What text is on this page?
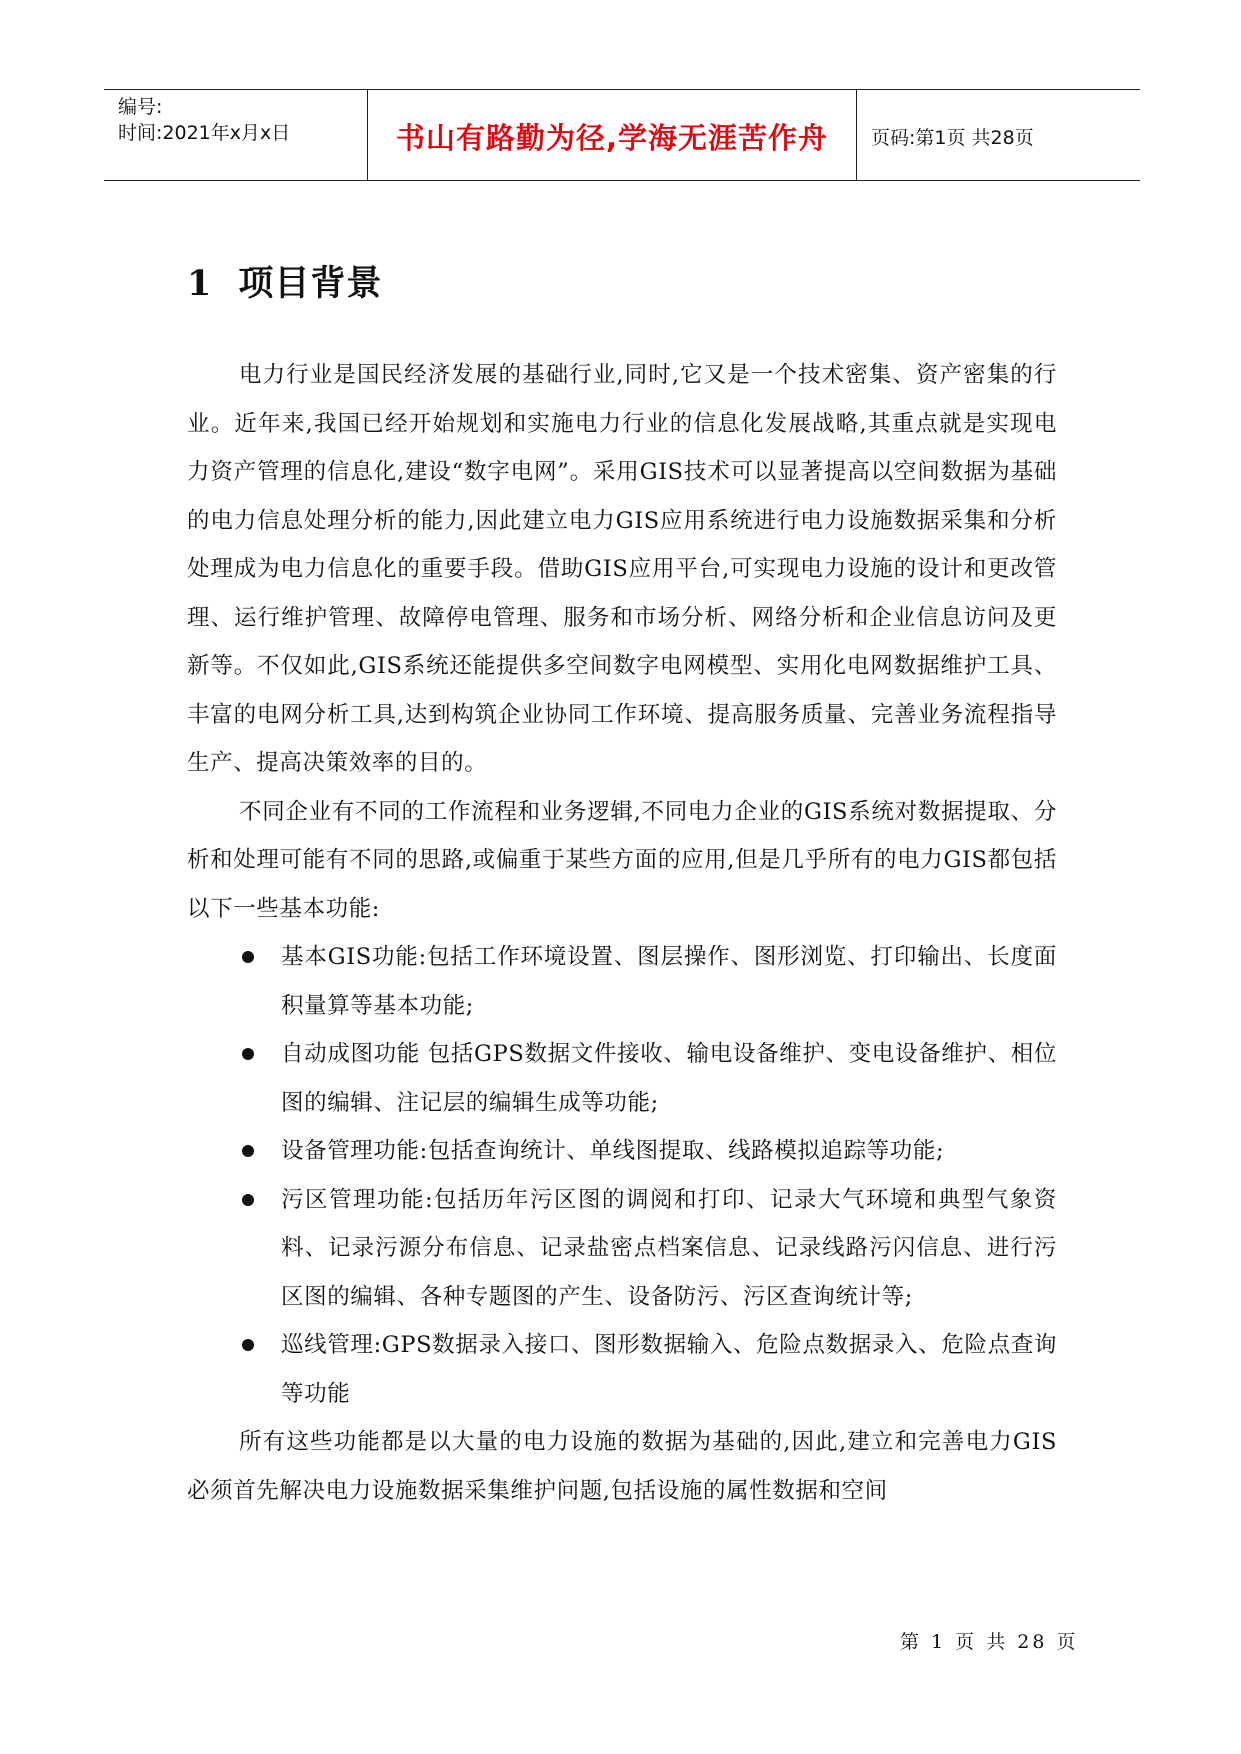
编号:
时间:2021年x月x日	书山有路勤为径,学海无涯苦作舟	页码:第1页 共28页
1 项目背景

电力行业是国民经济发展的基础行业,同时,它又是一个技术密集、资产密集的行业。近年来,我国已经开始规划和实施电力行业的信息化发展战略,其重点就是实现电力资产管理的信息化,建设“数字电网”。采用GIS技术可以显著提高以空间数据为基础的电力信息处理分析的能力,因此建立电力GIS应用系统进行电力设施数据采集和分析处理成为电力信息化的重要手段。借助GIS应用平台,可实现电力设施的设计和更改管理、运行维护管理、故障停电管理、服务和市场分析、网络分析和企业信息访问及更新等。不仅如此,GIS系统还能提供多空间数字电网模型、实用化电网数据维护工具、丰富的电网分析工具,达到构筑企业协同工作环境、提高服务质量、完善业务流程指导生产、提高决策效率的目的。

不同企业有不同的工作流程和业务逻辑,不同电力企业的GIS系统对数据提取、分析和处理可能有不同的思路,或偏重于某些方面的应用,但是几乎所有的电力GIS都包括以下一些基本功能:

基本GIS功能:包括工作环境设置、图层操作、图形浏览、打印输出、长度面积量算等基本功能;
自动成图功能 包括GPS数据文件接收、输电设备维护、变电设备维护、相位图的编辑、注记层的编辑生成等功能;
设备管理功能:包括查询统计、单线图提取、线路模拟追踪等功能;
污区管理功能:包括历年污区图的调阅和打印、记录大气环境和典型气象资料、记录污源分布信息、记录盐密点档案信息、记录线路污闪信息、进行污区图的编辑、各种专题图的产生、设备防污、污区查询统计等;
巡线管理:GPS数据录入接口、图形数据输入、危险点数据录入、危险点查询等功能

所有这些功能都是以大量的电力设施的数据为基础的,因此,建立和完善电力GIS必须首先解决电力设施数据采集维护问题,包括设施的属性数据和空间

第 1 页 共 28 页
